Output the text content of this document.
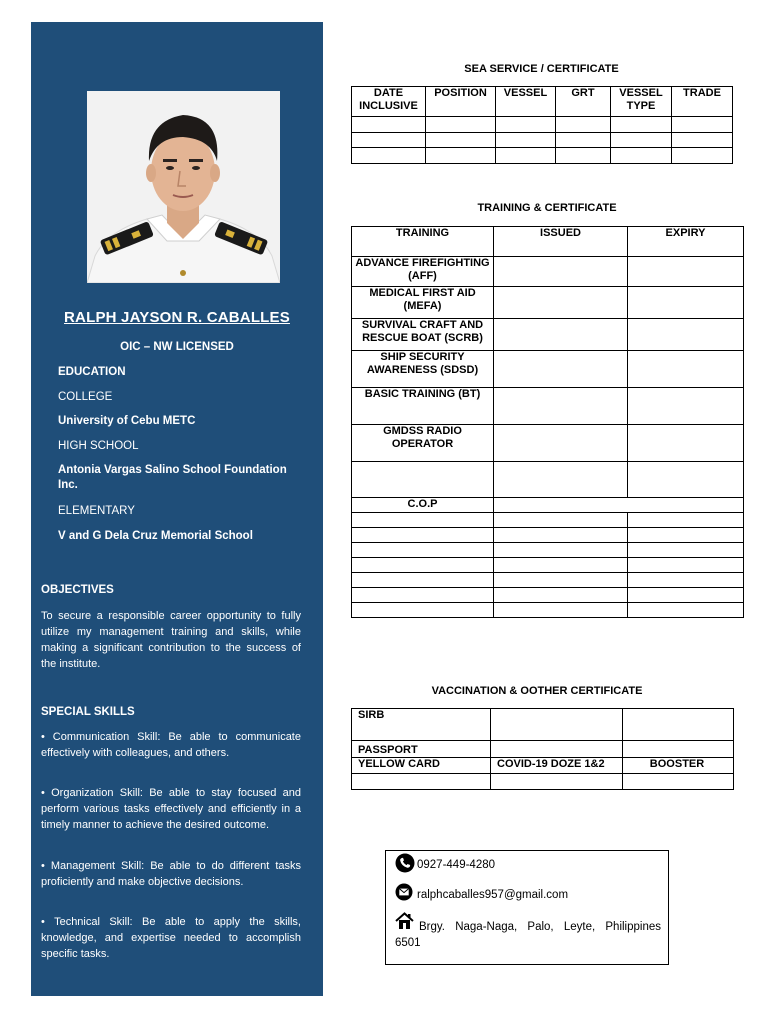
RALPH JAYSON R. CABALLES
OIC – NW LICENSED
EDUCATION
COLLEGE
University of Cebu METC
HIGH SCHOOL
Antonia Vargas Salino School Foundation Inc.
ELEMENTARY
V and G Dela Cruz Memorial School
OBJECTIVES
To secure a responsible career opportunity to fully utilize my management training and skills, while making a significant contribution to the success of the institute.
SPECIAL SKILLS
• Communication Skill: Be able to communicate effectively with colleagues, and others.
• Organization Skill: Be able to stay focused and perform various tasks effectively and efficiently in a timely manner to achieve the desired outcome.
• Management Skill: Be able to do different tasks proficiently and make objective decisions.
• Technical Skill: Be able to apply the skills, knowledge, and expertise needed to accomplish specific tasks.
SEA SERVICE / CERTIFICATE
DATE INCLUSIVE	POSITION	VESSEL	GRT	VESSEL TYPE	TRADE

TRAINING & CERTIFICATE
TRAINING	ISSUED	EXPIRY
ADVANCE FIREFIGHTING (AFF)		
MEDICAL FIRST AID (MEFA)		
SURVIVAL CRAFT AND RESCUE BOAT (SCRB)		
SHIP SECURITY AWARENESS (SDSD)		
BASIC TRAINING (BT)		
GMDSS RADIO OPERATOR		

C.O.P		

VACCINATION & OOTHER CERTIFICATE
SIRB		
PASSPORT		
YELLOW CARD	COVID-19 DOZE 1&2	BOOSTER

0927-449-4280
ralphcaballes957@gmail.com
Brgy. Naga-Naga, Palo, Leyte, Philippines 6501
